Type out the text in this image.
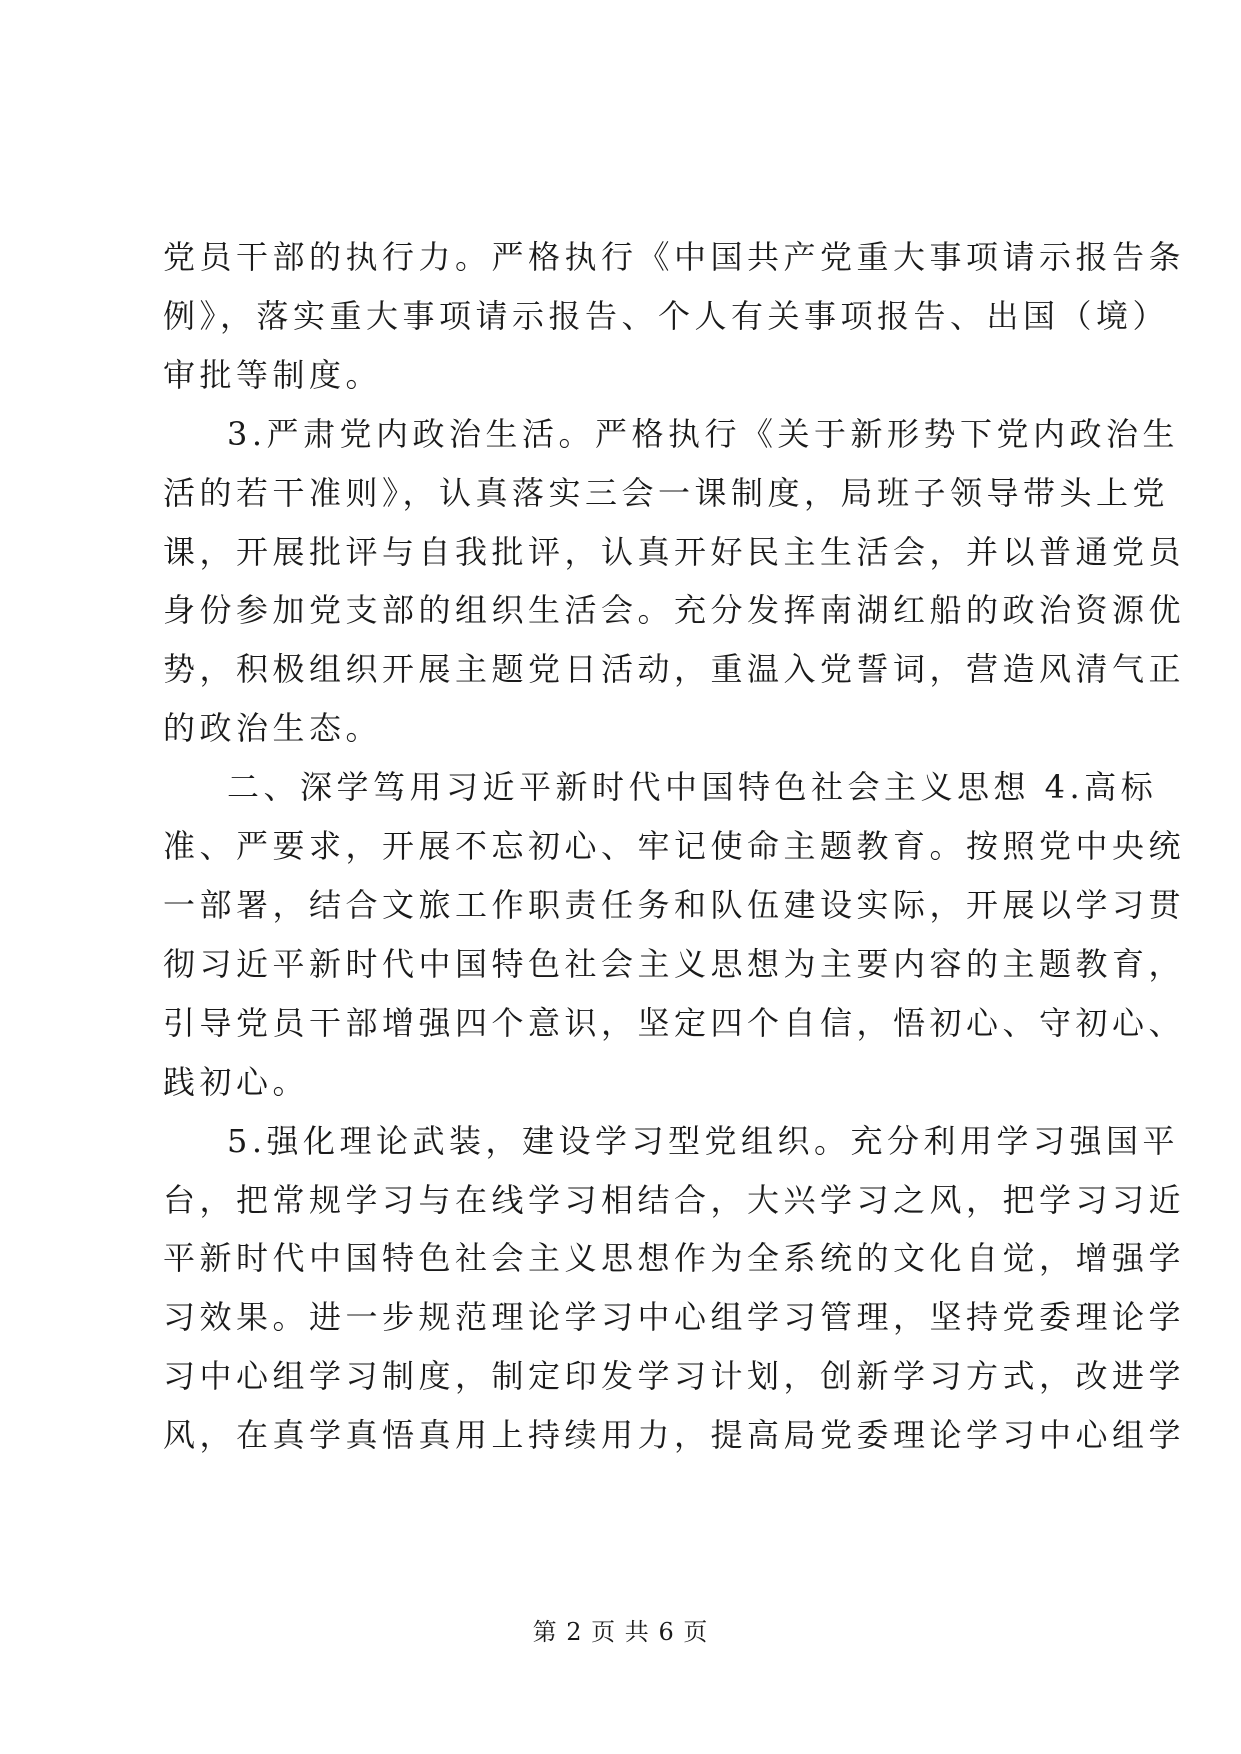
党员干部的执行力。严格执行《中国共产党重大事项请示报告条
例》，落实重大事项请示报告、个人有关事项报告、出国（境）
审批等制度。
3.严肃党内政治生活。严格执行《关于新形势下党内政治生
活的若干准则》，认真落实三会一课制度，局班子领导带头上党
课，开展批评与自我批评，认真开好民主生活会，并以普通党员
身份参加党支部的组织生活会。充分发挥南湖红船的政治资源优
势，积极组织开展主题党日活动，重温入党誓词，营造风清气正
的政治生态。
二、深学笃用习近平新时代中国特色社会主义思想 4.高标
准、严要求，开展不忘初心、牢记使命主题教育。按照党中央统
一部署，结合文旅工作职责任务和队伍建设实际，开展以学习贯
彻习近平新时代中国特色社会主义思想为主要内容的主题教育，
引导党员干部增强四个意识，坚定四个自信，悟初心、守初心、
践初心。
5.强化理论武装，建设学习型党组织。充分利用学习强国平
台，把常规学习与在线学习相结合，大兴学习之风，把学习习近
平新时代中国特色社会主义思想作为全系统的文化自觉，增强学
习效果。进一步规范理论学习中心组学习管理，坚持党委理论学
习中心组学习制度，制定印发学习计划，创新学习方式，改进学
风，在真学真悟真用上持续用力，提高局党委理论学习中心组学
第 2 页 共 6 页
